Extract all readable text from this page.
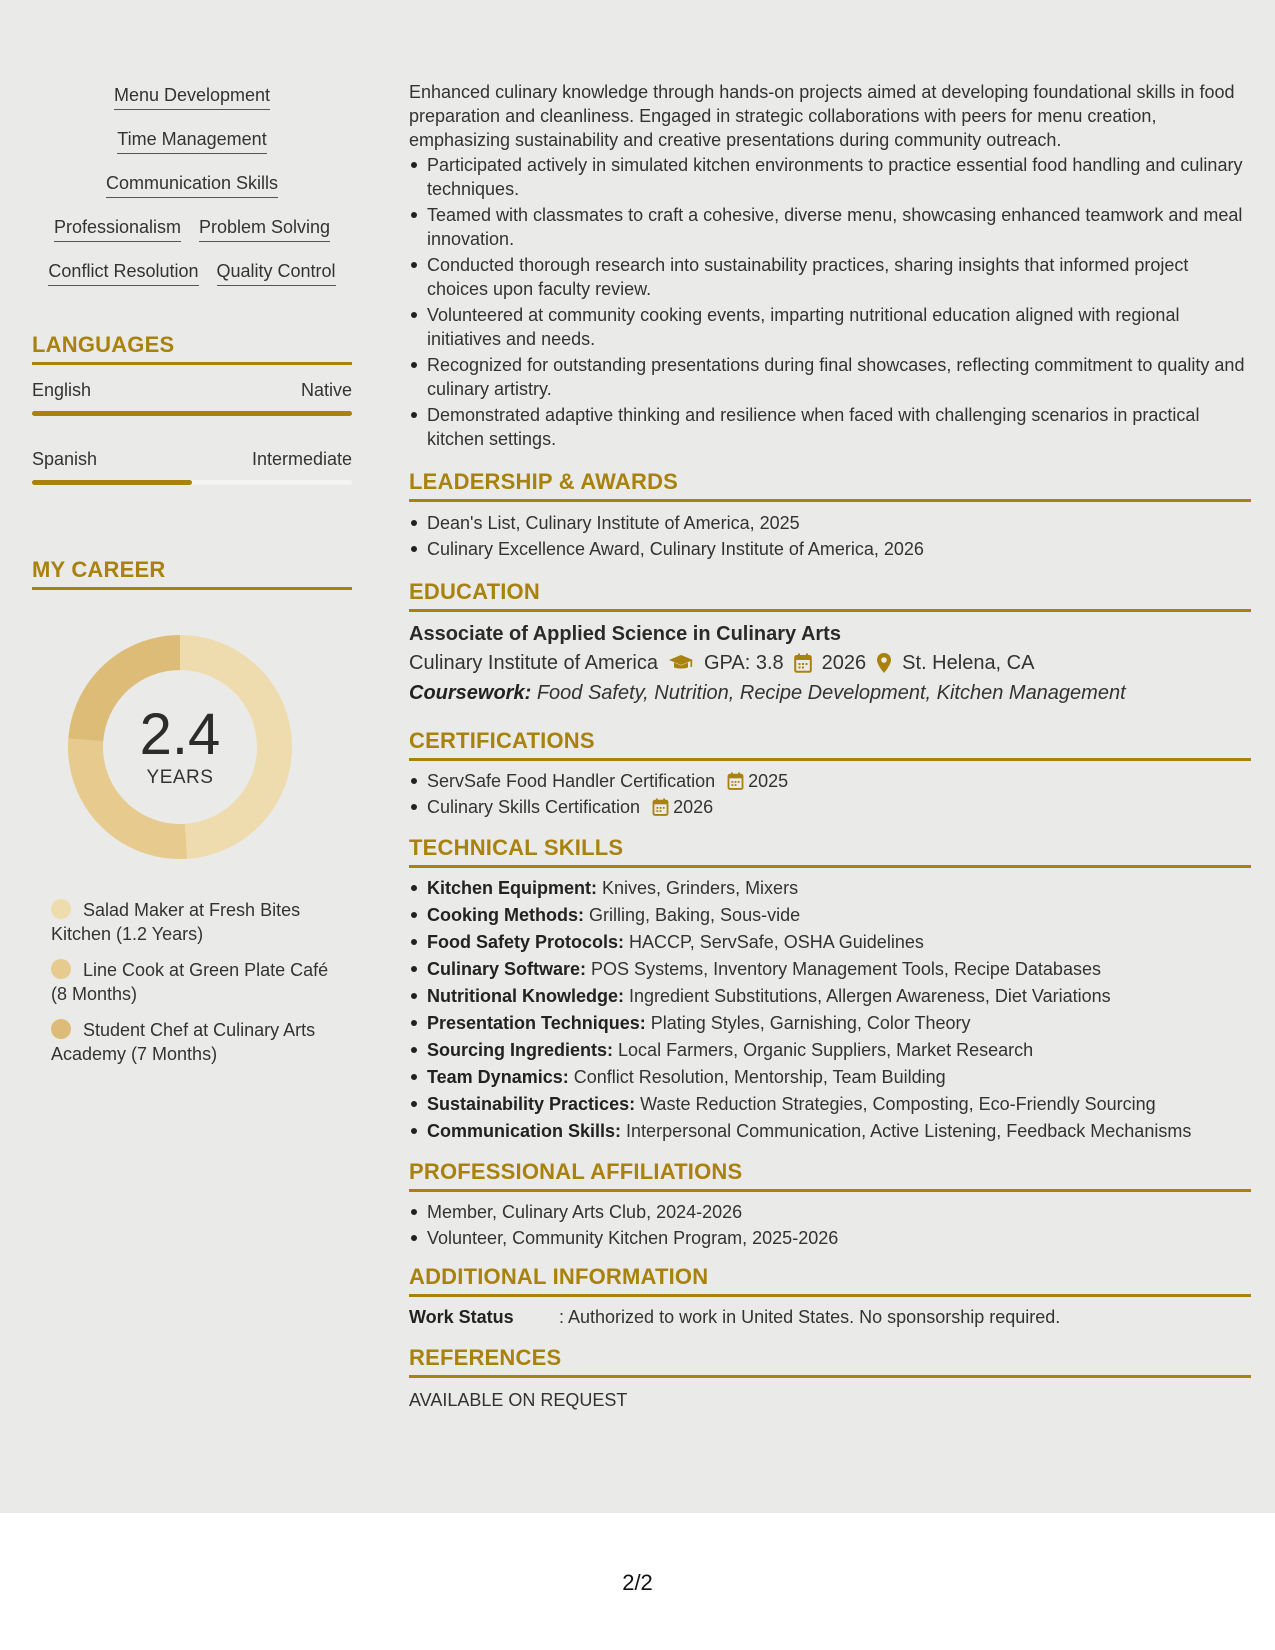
Menu Development
Time Management
Communication Skills
Professionalism Problem Solving
Conflict Resolution Quality Control
LANGUAGES
English	Native
Spanish	Intermediate
MY CAREER
2.4
YEARS
Salad Maker at Fresh Bites Kitchen (1.2 Years)
Line Cook at Green Plate Café (8 Months)
Student Chef at Culinary Arts Academy (7 Months)
Enhanced culinary knowledge through hands-on projects aimed at developing foundational skills in food preparation and cleanliness. Engaged in strategic collaborations with peers for menu creation, emphasizing sustainability and creative presentations during community outreach.
Participated actively in simulated kitchen environments to practice essential food handling and culinary techniques.
Teamed with classmates to craft a cohesive, diverse menu, showcasing enhanced teamwork and meal innovation.
Conducted thorough research into sustainability practices, sharing insights that informed project choices upon faculty review.
Volunteered at community cooking events, imparting nutritional education aligned with regional initiatives and needs.
Recognized for outstanding presentations during final showcases, reflecting commitment to quality and culinary artistry.
Demonstrated adaptive thinking and resilience when faced with challenging scenarios in practical kitchen settings.
LEADERSHIP & AWARDS
Dean's List, Culinary Institute of America, 2025
Culinary Excellence Award, Culinary Institute of America, 2026
EDUCATION
Associate of Applied Science in Culinary Arts
Culinary Institute of America GPA: 3.8 2026 St. Helena, CA
Coursework: Food Safety, Nutrition, Recipe Development, Kitchen Management
CERTIFICATIONS
ServSafe Food Handler Certification 2025
Culinary Skills Certification 2026
TECHNICAL SKILLS
Kitchen Equipment: Knives, Grinders, Mixers
Cooking Methods: Grilling, Baking, Sous-vide
Food Safety Protocols: HACCP, ServSafe, OSHA Guidelines
Culinary Software: POS Systems, Inventory Management Tools, Recipe Databases
Nutritional Knowledge: Ingredient Substitutions, Allergen Awareness, Diet Variations
Presentation Techniques: Plating Styles, Garnishing, Color Theory
Sourcing Ingredients: Local Farmers, Organic Suppliers, Market Research
Team Dynamics: Conflict Resolution, Mentorship, Team Building
Sustainability Practices: Waste Reduction Strategies, Composting, Eco-Friendly Sourcing
Communication Skills: Interpersonal Communication, Active Listening, Feedback Mechanisms
PROFESSIONAL AFFILIATIONS
Member, Culinary Arts Club, 2024-2026
Volunteer, Community Kitchen Program, 2025-2026
ADDITIONAL INFORMATION
Work Status	: Authorized to work in United States. No sponsorship required.
REFERENCES
AVAILABLE ON REQUEST
2/2
